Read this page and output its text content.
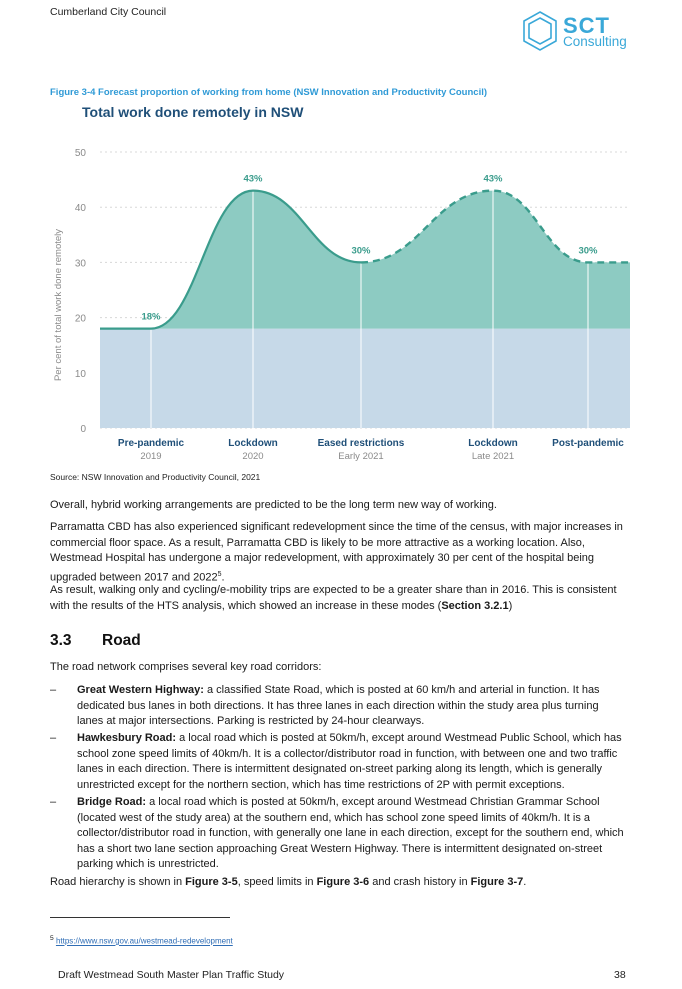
Cumberland City Council
SCT
Consulting
Figure 3-4 Forecast proportion of working from home (NSW Innovation and Productivity Council)
Total work done remotely in NSW
0
10
20
30
40
50
18%
43%
30%
43%
30%
Pre-pandemic
2019
Lockdown
2020
Eased restrictions
Early 2021
Lockdown
Late 2021
Post-pandemic
Per cent of total work done remotely
Source: NSW Innovation and Productivity Council, 2021

Overall, hybrid working arrangements are predicted to be the long term new way of working.

Parramatta CBD has also experienced significant redevelopment since the time of the census, with major increases in commercial floor space. As a result, Parramatta CBD is likely to be more attractive as a working location. Also, Westmead Hospital has undergone a major redevelopment, with approximately 30 per cent of the hospital being upgraded between 2017 and 2022$^5$.

As result, walking only and cycling/e-mobility trips are expected to be a greater share than in 2016. This is consistent with the results of the HTS analysis, which showed an increase in these modes (Section 3.2.1)

3.3 Road

The road network comprises several key road corridors:

– Great Western Highway: a classified State Road, which is posted at 60 km/h and arterial in function. It has dedicated bus lanes in both directions. It has three lanes in each direction within the study area plus turning lanes at major intersections. Parking is restricted by 24-hour clearways.
– Hawkesbury Road: a local road which is posted at 50km/h, except around Westmead Public School, which has school zone speed limits of 40km/h. It is a collector/distributor road in function, with between one and two traffic lanes in each direction. There is intermittent designated on-street parking along its length, which is generally unrestricted except for the northern section, which has time restrictions of 2P with permit exceptions.
– Bridge Road: a local road which is posted at 50km/h, except around Westmead Christian Grammar School (located west of the study area) at the southern end, which has school zone speed limits of 40km/h. It is a collector/distributor road in function, with generally one lane in each direction, except for the southern end, which has a short two lane section approaching Great Western Highway. There is intermittent designated on-street parking which is unrestricted.

Road hierarchy is shown in Figure 3-5, speed limits in Figure 3-6 and crash history in Figure 3-7.

$^5$ https://www.nsw.gov.au/westmead-redevelopment
Draft Westmead South Master Plan Traffic Study	38
